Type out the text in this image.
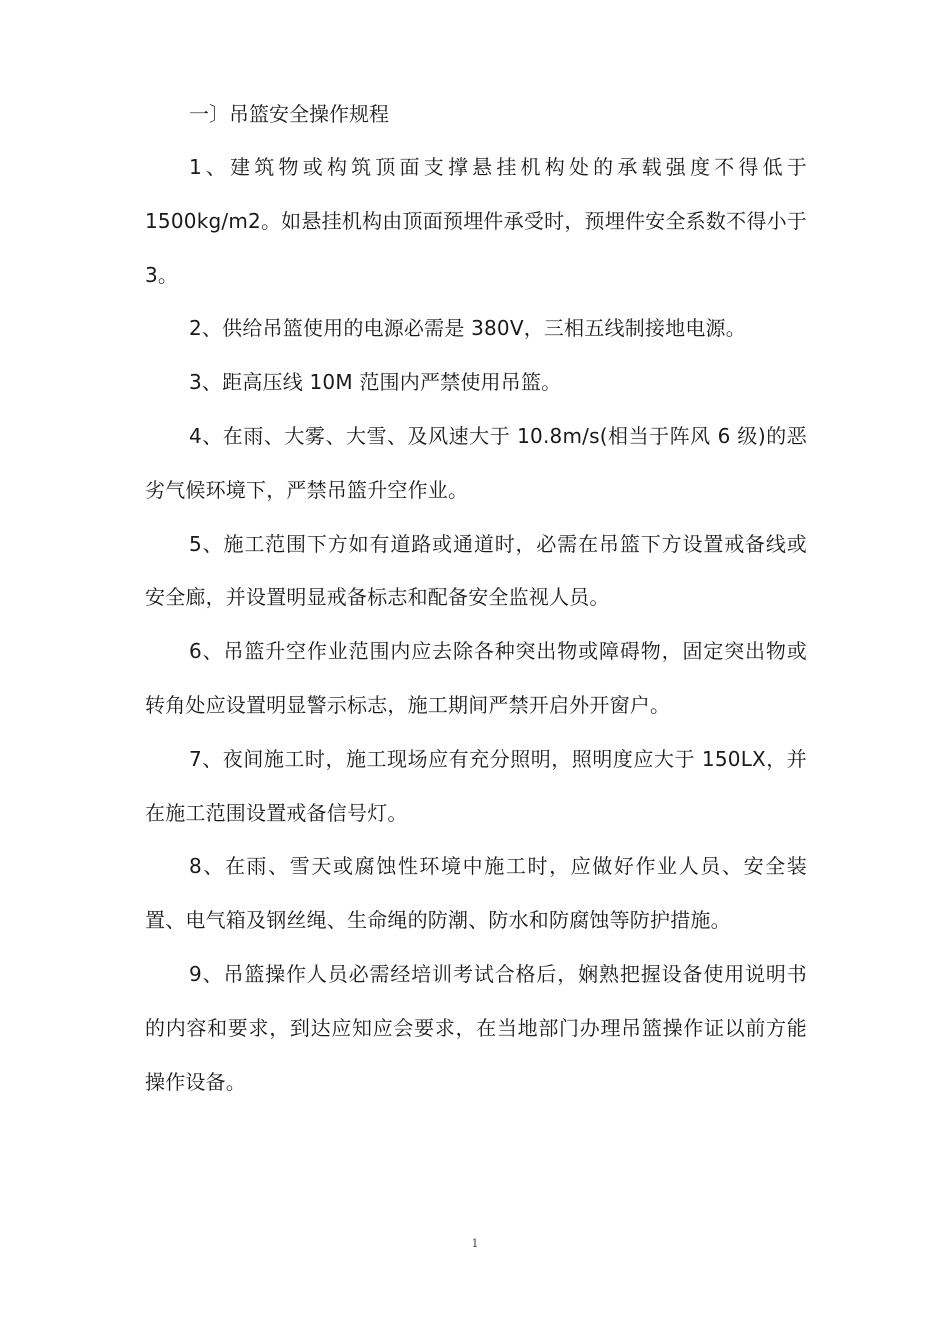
一〕吊篮安全操作规程

1、建筑物或构筑顶面支撑悬挂机构处的承载强度不得低于1500kg/m2。如悬挂机构由顶面预埋件承受时，预埋件安全系数不得小于 3。

2、供给吊篮使用的电源必需是 380V，三相五线制接地电源。

3、距高压线 10M 范围内严禁使用吊篮。

4、在雨、大雾、大雪、及风速大于 10.8m/s(相当于阵风 6 级)的恶劣气候环境下，严禁吊篮升空作业。

5、施工范围下方如有道路或通道时，必需在吊篮下方设置戒备线或安全廊，并设置明显戒备标志和配备安全监视人员。

6、吊篮升空作业范围内应去除各种突出物或障碍物，固定突出物或转角处应设置明显警示标志，施工期间严禁开启外开窗户。

7、夜间施工时，施工现场应有充分照明，照明度应大于 150LX，并在施工范围设置戒备信号灯。

8、在雨、雪天或腐蚀性环境中施工时，应做好作业人员、安全装置、电气箱及钢丝绳、生命绳的防潮、防水和防腐蚀等防护措施。

9、吊篮操作人员必需经培训考试合格后，娴熟把握设备使用说明书的内容和要求，到达应知应会要求，在当地部门办理吊篮操作证以前方能操作设备。

1
